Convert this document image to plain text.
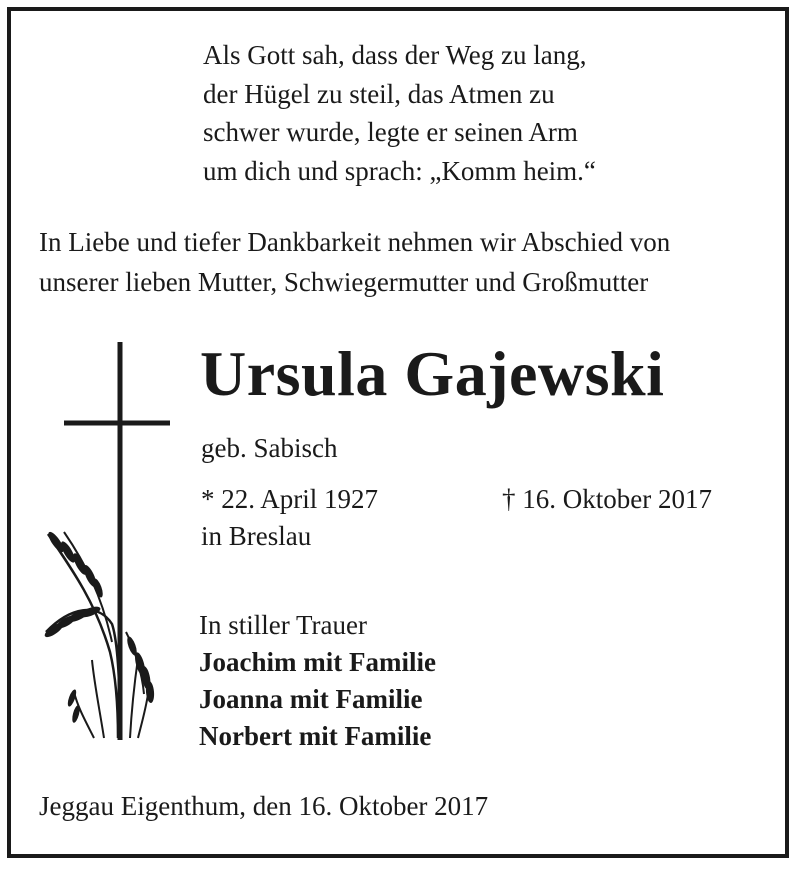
Als Gott sah, dass der Weg zu lang,
der Hügel zu steil, das Atmen zu
schwer wurde, legte er seinen Arm
um dich und sprach: „Komm heim.“
In Liebe und tiefer Dankbarkeit nehmen wir Abschied von
unserer lieben Mutter, Schwiegermutter und Großmutter
Ursula Gajewski
geb. Sabisch
* 22. April 1927	† 16. Oktober 2017
in Breslau
In stiller Trauer
Joachim mit Familie
Joanna mit Familie
Norbert mit Familie
Jeggau Eigenthum, den 16. Oktober 2017
